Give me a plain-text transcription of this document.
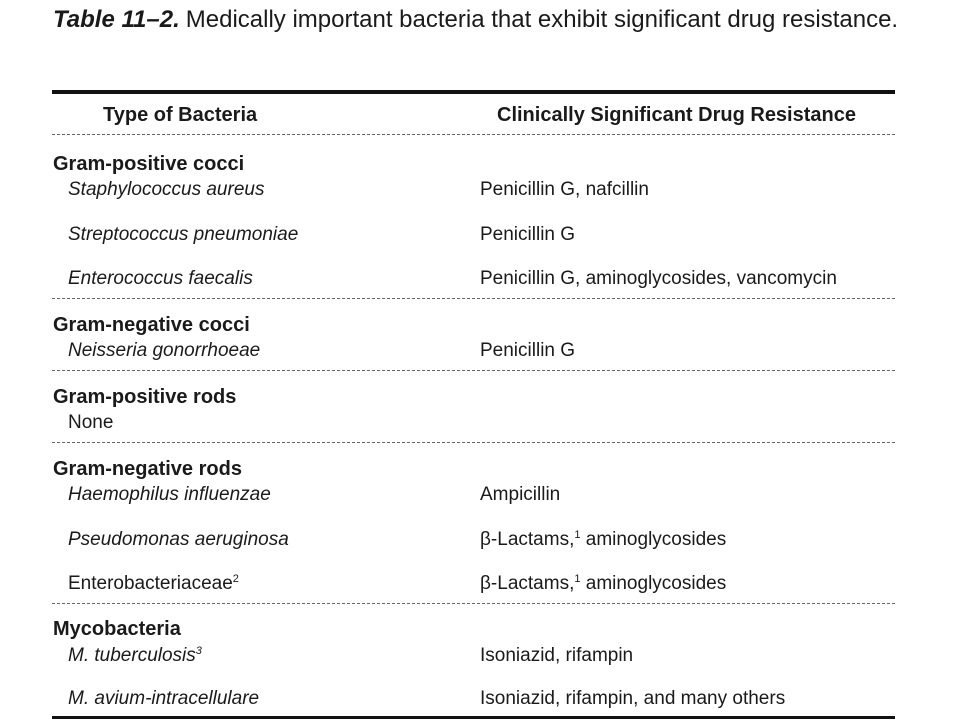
Table 11–2. Medically important bacteria that exhibit significant drug resistance.
Type of Bacteria	Clinically Significant Drug Resistance
Gram-positive cocci
Staphylococcus aureus	Penicillin G, nafcillin
Streptococcus pneumoniae	Penicillin G
Enterococcus faecalis	Penicillin G, aminoglycosides, vancomycin
Gram-negative cocci
Neisseria gonorrhoeae	Penicillin G
Gram-positive rods
None
Gram-negative rods
Haemophilus influenzae	Ampicillin
Pseudomonas aeruginosa	β-Lactams,$^1$ aminoglycosides
Enterobacteriaceae$^2$	β-Lactams,$^1$ aminoglycosides
Mycobacteria
M. tuberculosis$^3$	Isoniazid, rifampin
M. avium-intracellulare	Isoniazid, rifampin, and many others
